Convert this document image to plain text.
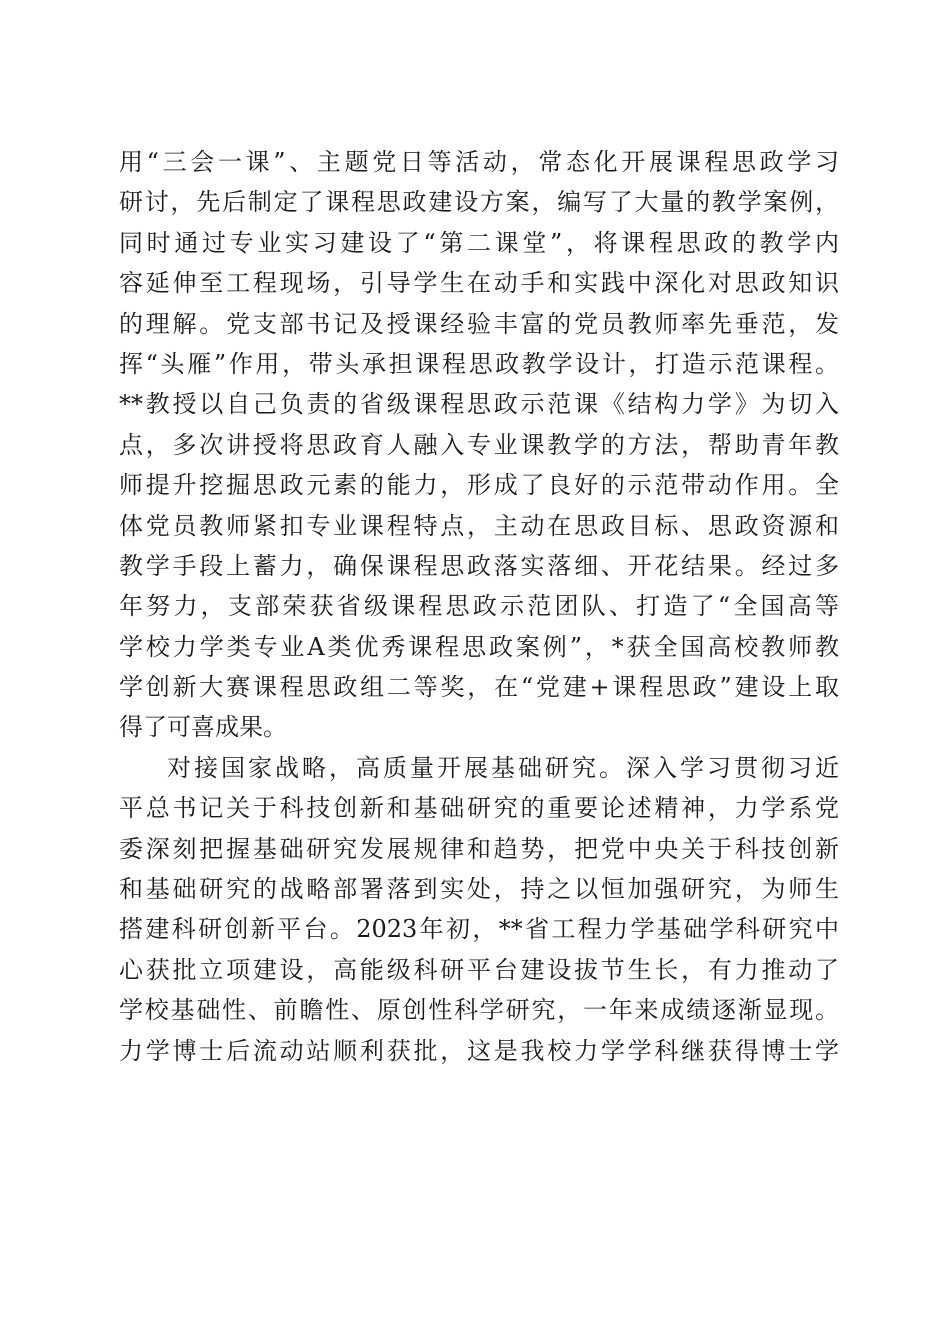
用“三会一课”、主题党日等活动，常态化开展课程思政学习
研讨，先后制定了课程思政建设方案，编写了大量的教学案例，
同时通过专业实习建设了“第二课堂”，将课程思政的教学内
容延伸至工程现场，引导学生在动手和实践中深化对思政知识
的理解。党支部书记及授课经验丰富的党员教师率先垂范，发
挥“头雁”作用，带头承担课程思政教学设计，打造示范课程。
**教授以自己负责的省级课程思政示范课《结构力学》为切入
点，多次讲授将思政育人融入专业课教学的方法，帮助青年教
师提升挖掘思政元素的能力，形成了良好的示范带动作用。全
体党员教师紧扣专业课程特点，主动在思政目标、思政资源和
教学手段上蓄力，确保课程思政落实落细、开花结果。经过多
年努力，支部荣获省级课程思政示范团队、打造了“全国高等
学校力学类专业A类优秀课程思政案例”，*获全国高校教师教
学创新大赛课程思政组二等奖，在“党建+课程思政”建设上取
得了可喜成果。
对接国家战略，高质量开展基础研究。深入学习贯彻习近
平总书记关于科技创新和基础研究的重要论述精神，力学系党
委深刻把握基础研究发展规律和趋势，把党中央关于科技创新
和基础研究的战略部署落到实处，持之以恒加强研究，为师生
搭建科研创新平台。2023年初，**省工程力学基础学科研究中
心获批立项建设，高能级科研平台建设拔节生长，有力推动了
学校基础性、前瞻性、原创性科学研究，一年来成绩逐渐显现。
力学博士后流动站顺利获批，这是我校力学学科继获得博士学
